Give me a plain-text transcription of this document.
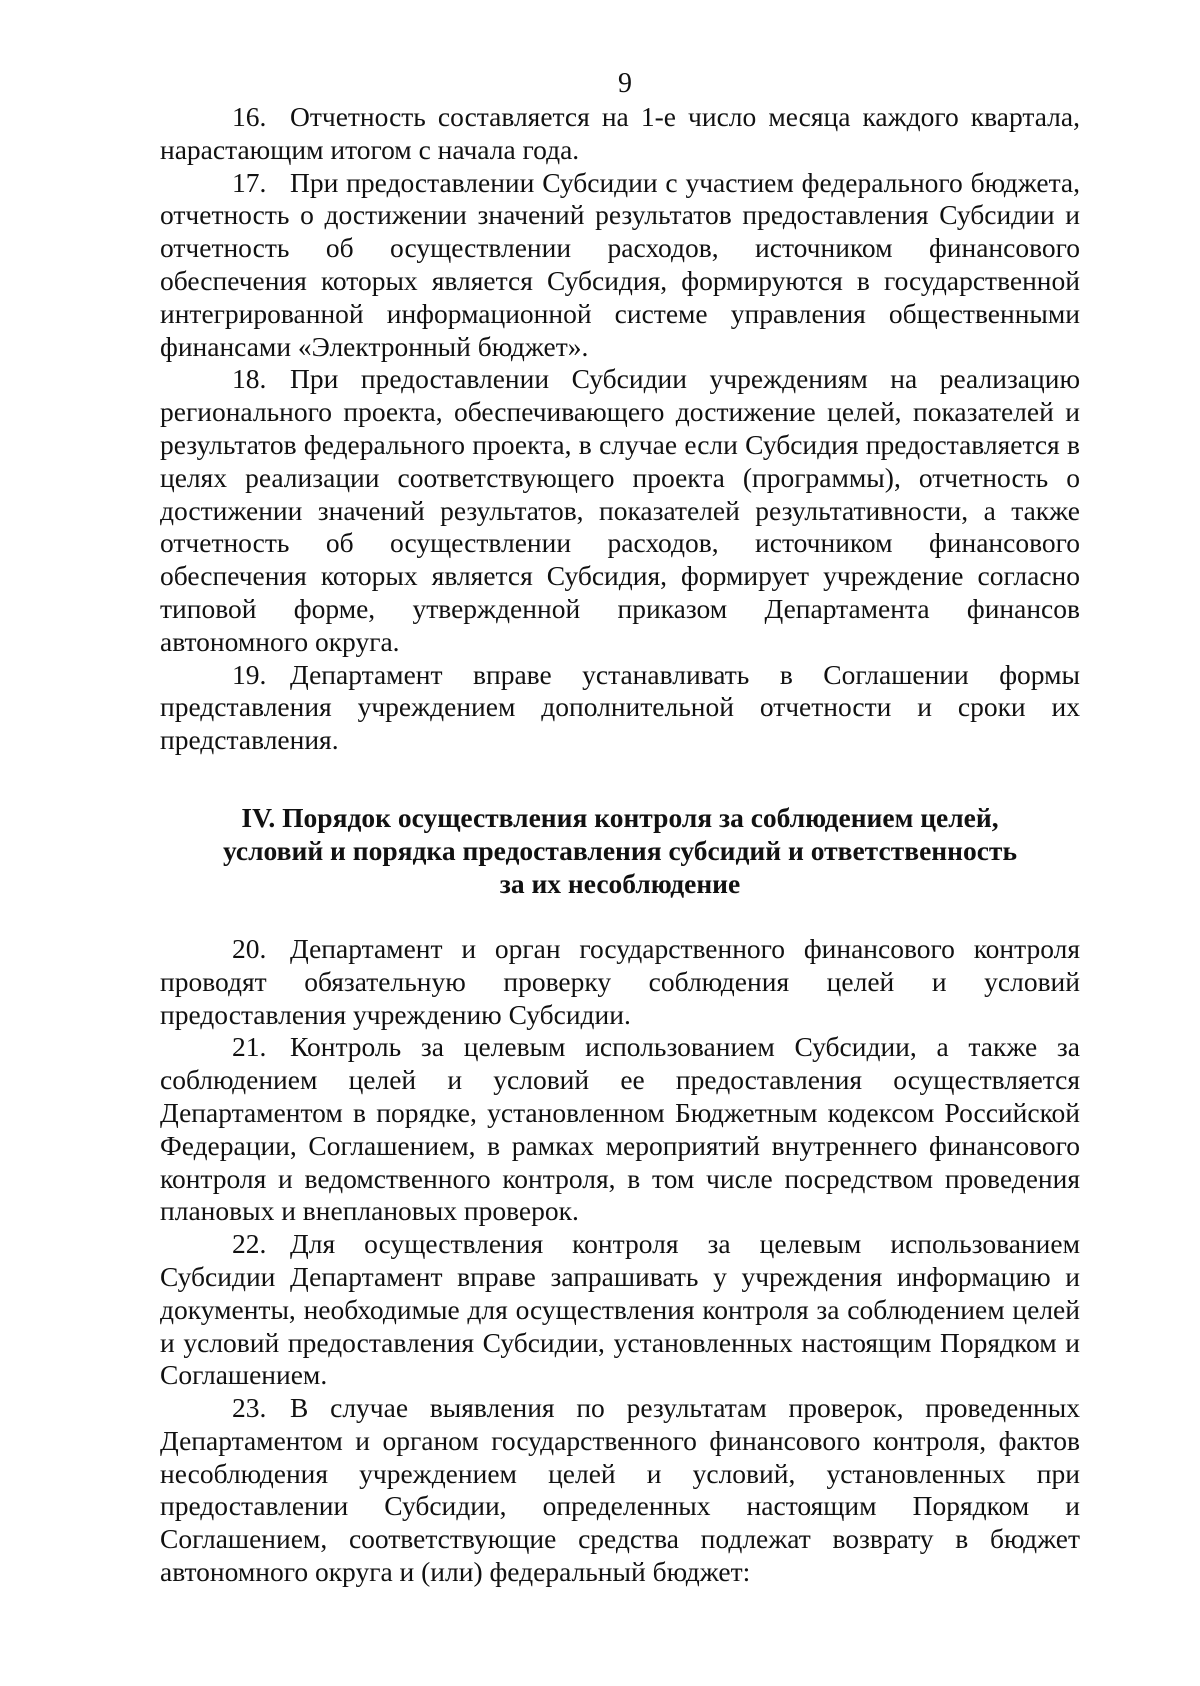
9

16. Отчетность составляется на 1-е число месяца каждого квартала, нарастающим итогом с начала года.

17. При предоставлении Субсидии с участием федерального бюджета, отчетность о достижении значений результатов предоставления Субсидии и отчетность об осуществлении расходов, источником финансового обеспечения которых является Субсидия, формируются в государственной интегрированной информационной системе управления общественными финансами «Электронный бюджет».

18. При предоставлении Субсидии учреждениям на реализацию регионального проекта, обеспечивающего достижение целей, показателей и результатов федерального проекта, в случае если Субсидия предоставляется в целях реализации соответствующего проекта (программы), отчетность о достижении значений результатов, показателей результативности, а также отчетность об осуществлении расходов, источником финансового обеспечения которых является Субсидия, формирует учреждение согласно типовой форме, утвержденной приказом Департамента финансов автономного округа.

19. Департамент вправе устанавливать в Соглашении формы представления учреждением дополнительной отчетности и сроки их представления.

IV. Порядок осуществления контроля за соблюдением целей,
условий и порядка предоставления субсидий и ответственность
за их несоблюдение

20. Департамент и орган государственного финансового контроля проводят обязательную проверку соблюдения целей и условий предоставления учреждению Субсидии.

21. Контроль за целевым использованием Субсидии, а также за соблюдением целей и условий ее предоставления осуществляется Департаментом в порядке, установленном Бюджетным кодексом Российской Федерации, Соглашением, в рамках мероприятий внутреннего финансового контроля и ведомственного контроля, в том числе посредством проведения плановых и внеплановых проверок.

22. Для осуществления контроля за целевым использованием Субсидии Департамент вправе запрашивать у учреждения информацию и документы, необходимые для осуществления контроля за соблюдением целей и условий предоставления Субсидии, установленных настоящим Порядком и Соглашением.

23. В случае выявления по результатам проверок, проведенных Департаментом и органом государственного финансового контроля, фактов несоблюдения учреждением целей и условий, установленных при предоставлении Субсидии, определенных настоящим Порядком и Соглашением, соответствующие средства подлежат возврату в бюджет автономного округа и (или) федеральный бюджет:
